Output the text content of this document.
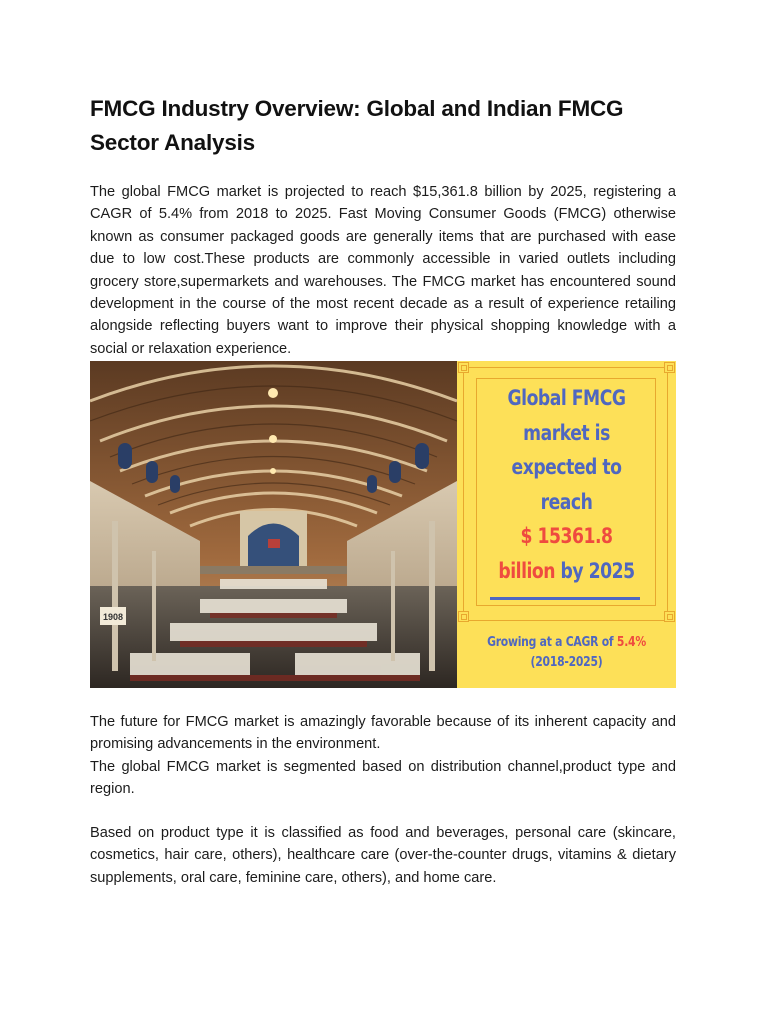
FMCG Industry Overview: Global and Indian FMCG Sector Analysis

The global FMCG market is projected to reach $15,361.8 billion by 2025, registering a CAGR of 5.4% from 2018 to 2025. Fast Moving Consumer Goods (FMCG) otherwise known as consumer packaged goods are generally items that are purchased with ease due to low cost.These products are commonly accessible in varied outlets including grocery store,supermarkets and warehouses. The FMCG market has encountered sound development in the course of the most recent decade as a result of experience retailing alongside reflecting buyers want to improve their physical shopping knowledge with a social or relaxation experience.

1908
Global FMCG
market is
expected to
reach
$ 15361.8
billion by 2025
Growing at a CAGR of 5.4%
(2018-2025)

The future for FMCG market is amazingly favorable because of its inherent capacity and promising advancements in the environment.

The global FMCG market is segmented based on distribution channel,product type and region.

Based on product type it is classified as food and beverages, personal care (skincare, cosmetics, hair care, others), healthcare care (over-the-counter drugs, vitamins & dietary supplements, oral care, feminine care, others), and home care.
